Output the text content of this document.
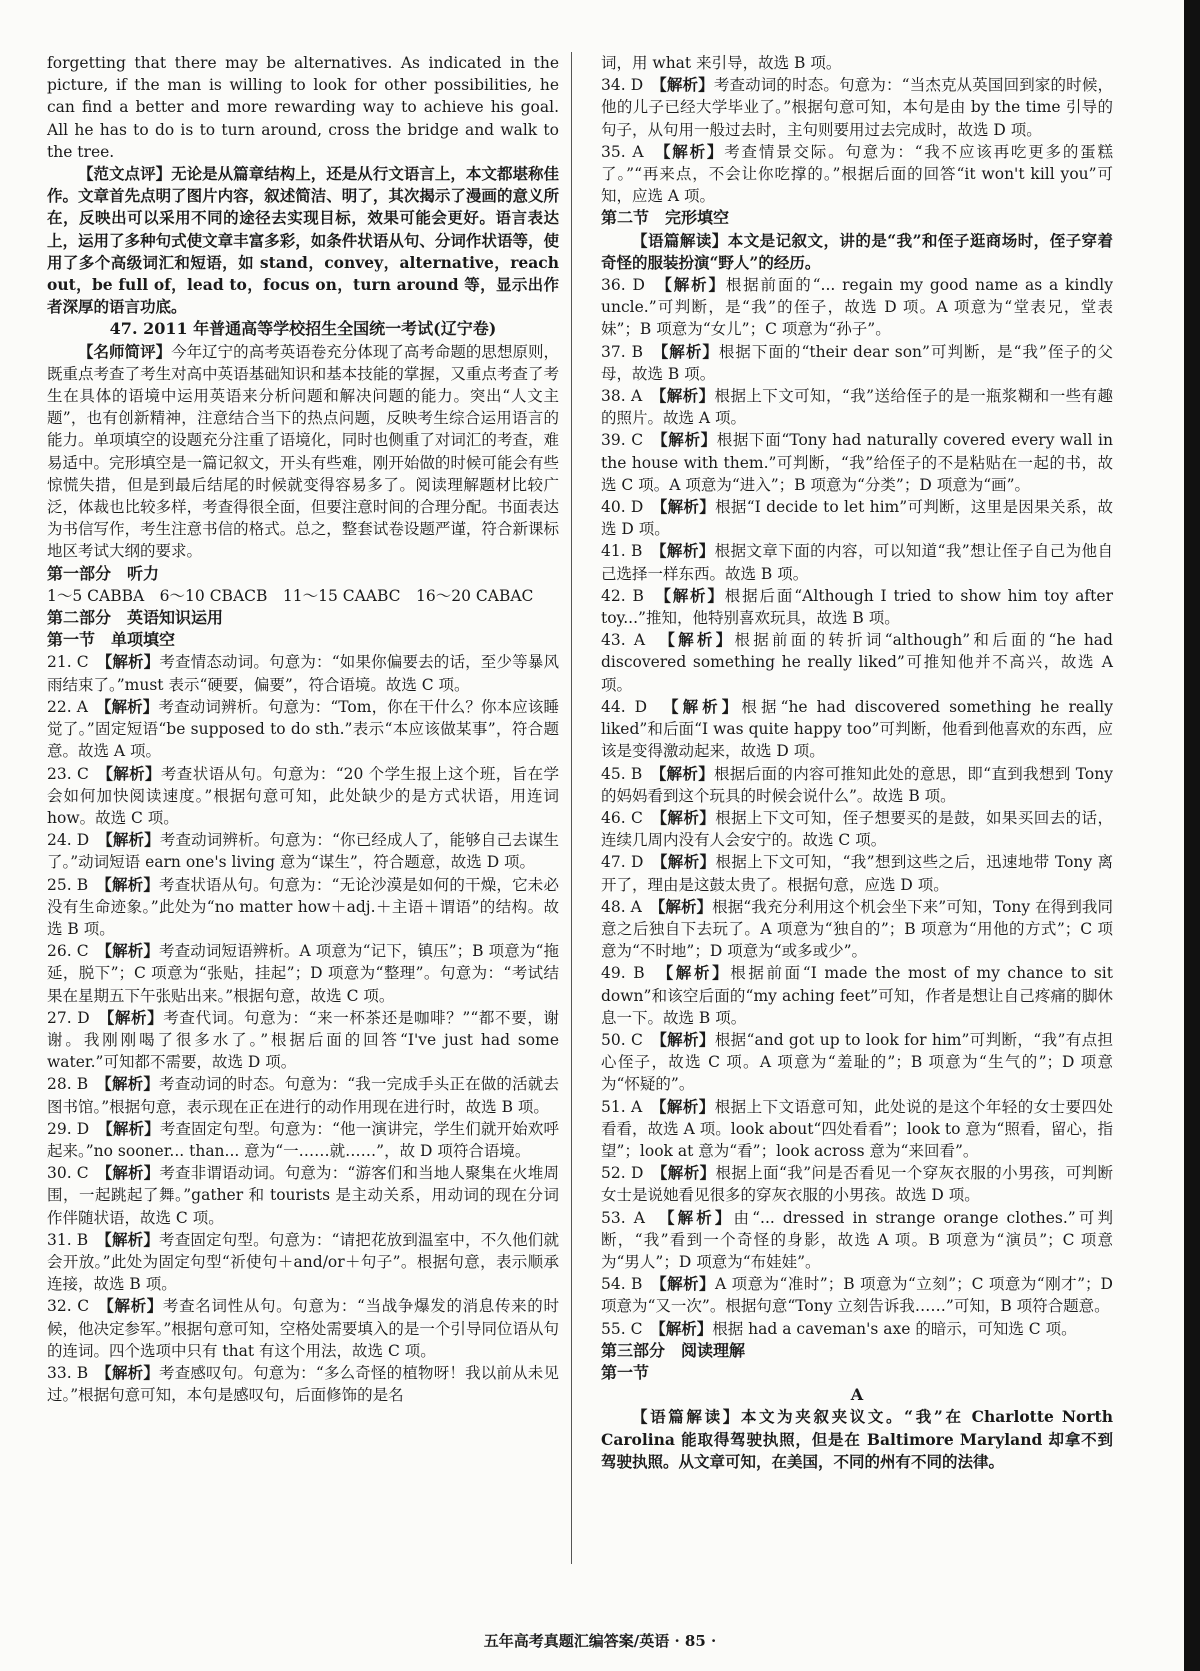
forgetting that there may be alternatives. As indicated in the picture, if the man is willing to look for other possibilities, he can find a better and more rewarding way to achieve his goal. All he has to do is to turn around, cross the bridge and walk to the tree.

【范文点评】无论是从篇章结构上，还是从行文语言上，本文都堪称佳作。文章首先点明了图片内容，叙述简洁、明了，其次揭示了漫画的意义所在，反映出可以采用不同的途径去实现目标，效果可能会更好。语言表达上，运用了多种句式使文章丰富多彩，如条件状语从句、分词作状语等，使用了多个高级词汇和短语，如 stand，convey，alternative，reach out，be full of，lead to，focus on，turn around 等，显示出作者深厚的语言功底。

47. 2011 年普通高等学校招生全国统一考试(辽宁卷)

【名师简评】今年辽宁的高考英语卷充分体现了高考命题的思想原则，既重点考查了考生对高中英语基础知识和基本技能的掌握，又重点考查了考生在具体的语境中运用英语来分析问题和解决问题的能力。突出“人文主题”，也有创新精神，注意结合当下的热点问题，反映考生综合运用语言的能力。单项填空的设题充分注重了语境化，同时也侧重了对词汇的考查，难易适中。完形填空是一篇记叙文，开头有些难，刚开始做的时候可能会有些惊慌失措，但是到最后结尾的时候就变得容易多了。阅读理解题材比较广泛，体裁也比较多样，考查得很全面，但要注意时间的合理分配。书面表达为书信写作，考生注意书信的格式。总之，整套试卷设题严谨，符合新课标地区考试大纲的要求。

第一部分　听力

1～5 CABBA　6～10 CBACB　11～15 CAABC　16～20 CABAC

第二部分　英语知识运用

第一节　单项填空

21. C　 【解析】考查情态动词。句意为：“如果你偏要去的话，至少等暴风雨结束了。”must 表示“硬要，偏要”，符合语境。故选 C 项。

22. A　 【解析】考查动词辨析。句意为：“Tom，你在干什么？你本应该睡觉了。”固定短语“be supposed to do sth.”表示“本应该做某事”，符合题意。故选 A 项。

23. C　 【解析】考查状语从句。句意为：“20 个学生报上这个班，旨在学会如何加快阅读速度。”根据句意可知，此处缺少的是方式状语，用连词 how。故选 C 项。

24. D　 【解析】考查动词辨析。句意为：“你已经成人了，能够自己去谋生了。”动词短语 earn one's living 意为“谋生”，符合题意，故选 D 项。

25. B　 【解析】考查状语从句。句意为：“无论沙漠是如何的干燥，它未必没有生命迹象。”此处为“no matter how＋adj.＋主语＋谓语”的结构。故选 B 项。

26. C　 【解析】考查动词短语辨析。A 项意为“记下，镇压”；B 项意为“拖延，脱下”；C 项意为“张贴，挂起”；D 项意为“整理”。句意为：“考试结果在星期五下午张贴出来。”根据句意，故选 C 项。

27. D　 【解析】考查代词。句意为：“来一杯茶还是咖啡？”“都不要，谢谢。我刚刚喝了很多水了。”根据后面的回答“I've just had some water.”可知都不需要，故选 D 项。

28. B　 【解析】考查动词的时态。句意为：“我一完成手头正在做的活就去图书馆。”根据句意，表示现在正在进行的动作用现在进行时，故选 B 项。

29. D　 【解析】考查固定句型。句意为：“他一演讲完，学生们就开始欢呼起来。”no sooner... than... 意为“一……就……”，故 D 项符合语境。

30. C　 【解析】考查非谓语动词。句意为：“游客们和当地人聚集在火堆周围，一起跳起了舞。”gather 和 tourists 是主动关系，用动词的现在分词作伴随状语，故选 C 项。

31. B　 【解析】考查固定句型。句意为：“请把花放到温室中，不久他们就会开放。”此处为固定句型“祈使句＋and/or＋句子”。根据句意，表示顺承连接，故选 B 项。

32. C　 【解析】考查名词性从句。句意为：“当战争爆发的消息传来的时候，他决定参军。”根据句意可知，空格处需要填入的是一个引导同位语从句的连词。四个选项中只有 that 有这个用法，故选 C 项。

33. B　 【解析】考查感叹句。句意为：“多么奇怪的植物呀！我以前从未见过。”根据句意可知，本句是感叹句，后面修饰的是名

词，用 what 来引导，故选 B 项。

34. D　 【解析】考查动词的时态。句意为：“当杰克从英国回到家的时候，他的儿子已经大学毕业了。”根据句意可知，本句是由 by the time 引导的句子，从句用一般过去时，主句则要用过去完成时，故选 D 项。

35. A　 【解析】考查情景交际。句意为：“我不应该再吃更多的蛋糕了。”“再来点，不会让你吃撑的。”根据后面的回答“it won't kill you”可知，应选 A 项。

第二节　完形填空

【语篇解读】本文是记叙文，讲的是“我”和侄子逛商场时，侄子穿着奇怪的服装扮演“野人”的经历。

36. D　 【解析】根据前面的“... regain my good name as a kindly uncle.”可判断，是“我”的侄子，故选 D 项。A 项意为“堂表兄，堂表妹”；B 项意为“女儿”；C 项意为“孙子”。

37. B　 【解析】根据下面的“their dear son”可判断，是“我”侄子的父母，故选 B 项。

38. A　 【解析】根据上下文可知，“我”送给侄子的是一瓶浆糊和一些有趣的照片。故选 A 项。

39. C　 【解析】根据下面“Tony had naturally covered every wall in the house with them.”可判断，“我”给侄子的不是粘贴在一起的书，故选 C 项。A 项意为“进入”；B 项意为“分类”；D 项意为“画”。

40. D　 【解析】根据“I decide to let him”可判断，这里是因果关系，故选 D 项。

41. B　 【解析】根据文章下面的内容，可以知道“我”想让侄子自己为他自己选择一样东西。故选 B 项。

42. B　 【解析】根据后面“Although I tried to show him toy after toy...”推知，他特别喜欢玩具，故选 B 项。

43. A　 【解析】根据前面的转折词“although”和后面的“he had discovered something he really liked”可推知他并不高兴，故选 A 项。

44. D　 【解析】根据“he had discovered something he really liked”和后面“I was quite happy too”可判断，他看到他喜欢的东西，应该是变得激动起来，故选 D 项。

45. B　 【解析】根据后面的内容可推知此处的意思，即“直到我想到 Tony 的妈妈看到这个玩具的时候会说什么”。故选 B 项。

46. C　 【解析】根据上下文可知，侄子想要买的是鼓，如果买回去的话，连续几周内没有人会安宁的。故选 C 项。

47. D　 【解析】根据上下文可知，“我”想到这些之后，迅速地带 Tony 离开了，理由是这鼓太贵了。根据句意，应选 D 项。

48. A　 【解析】根据“我充分利用这个机会坐下来”可知，Tony 在得到我同意之后独自下去玩了。A 项意为“独自的”；B 项意为“用他的方式”；C 项意为“不时地”；D 项意为“或多或少”。

49. B　 【解析】根据前面“I made the most of my chance to sit down”和该空后面的“my aching feet”可知，作者是想让自己疼痛的脚休息一下。故选 B 项。

50. C　 【解析】根据“and got up to look for him”可判断，“我”有点担心侄子，故选 C 项。A 项意为“羞耻的”；B 项意为“生气的”；D 项意为“怀疑的”。

51. A　 【解析】根据上下文语意可知，此处说的是这个年轻的女士要四处看看，故选 A 项。look about“四处看看”；look to 意为“照看，留心，指望”；look at 意为“看”；look across 意为“来回看”。

52. D　 【解析】根据上面“我”问是否看见一个穿灰衣服的小男孩，可判断女士是说她看见很多的穿灰衣服的小男孩。故选 D 项。

53. A　 【解析】由“... dressed in strange orange clothes.”可判断，“我”看到一个奇怪的身影，故选 A 项。B 项意为“演员”；C 项意为“男人”；D 项意为“布娃娃”。

54. B　 【解析】A 项意为“准时”；B 项意为“立刻”；C 项意为“刚才”；D 项意为“又一次”。根据句意“Tony 立刻告诉我……”可知，B 项符合题意。

55. C　 【解析】根据 had a caveman's axe 的暗示，可知选 C 项。

第三部分　阅读理解

第一节

A

【语篇解读】本文为夹叙夹议文。“我”在 Charlotte North Carolina 能取得驾驶执照，但是在 Baltimore Maryland 却拿不到驾驶执照。从文章可知，在美国，不同的州有不同的法律。

五年高考真题汇编答案/英语 · 85 ·
